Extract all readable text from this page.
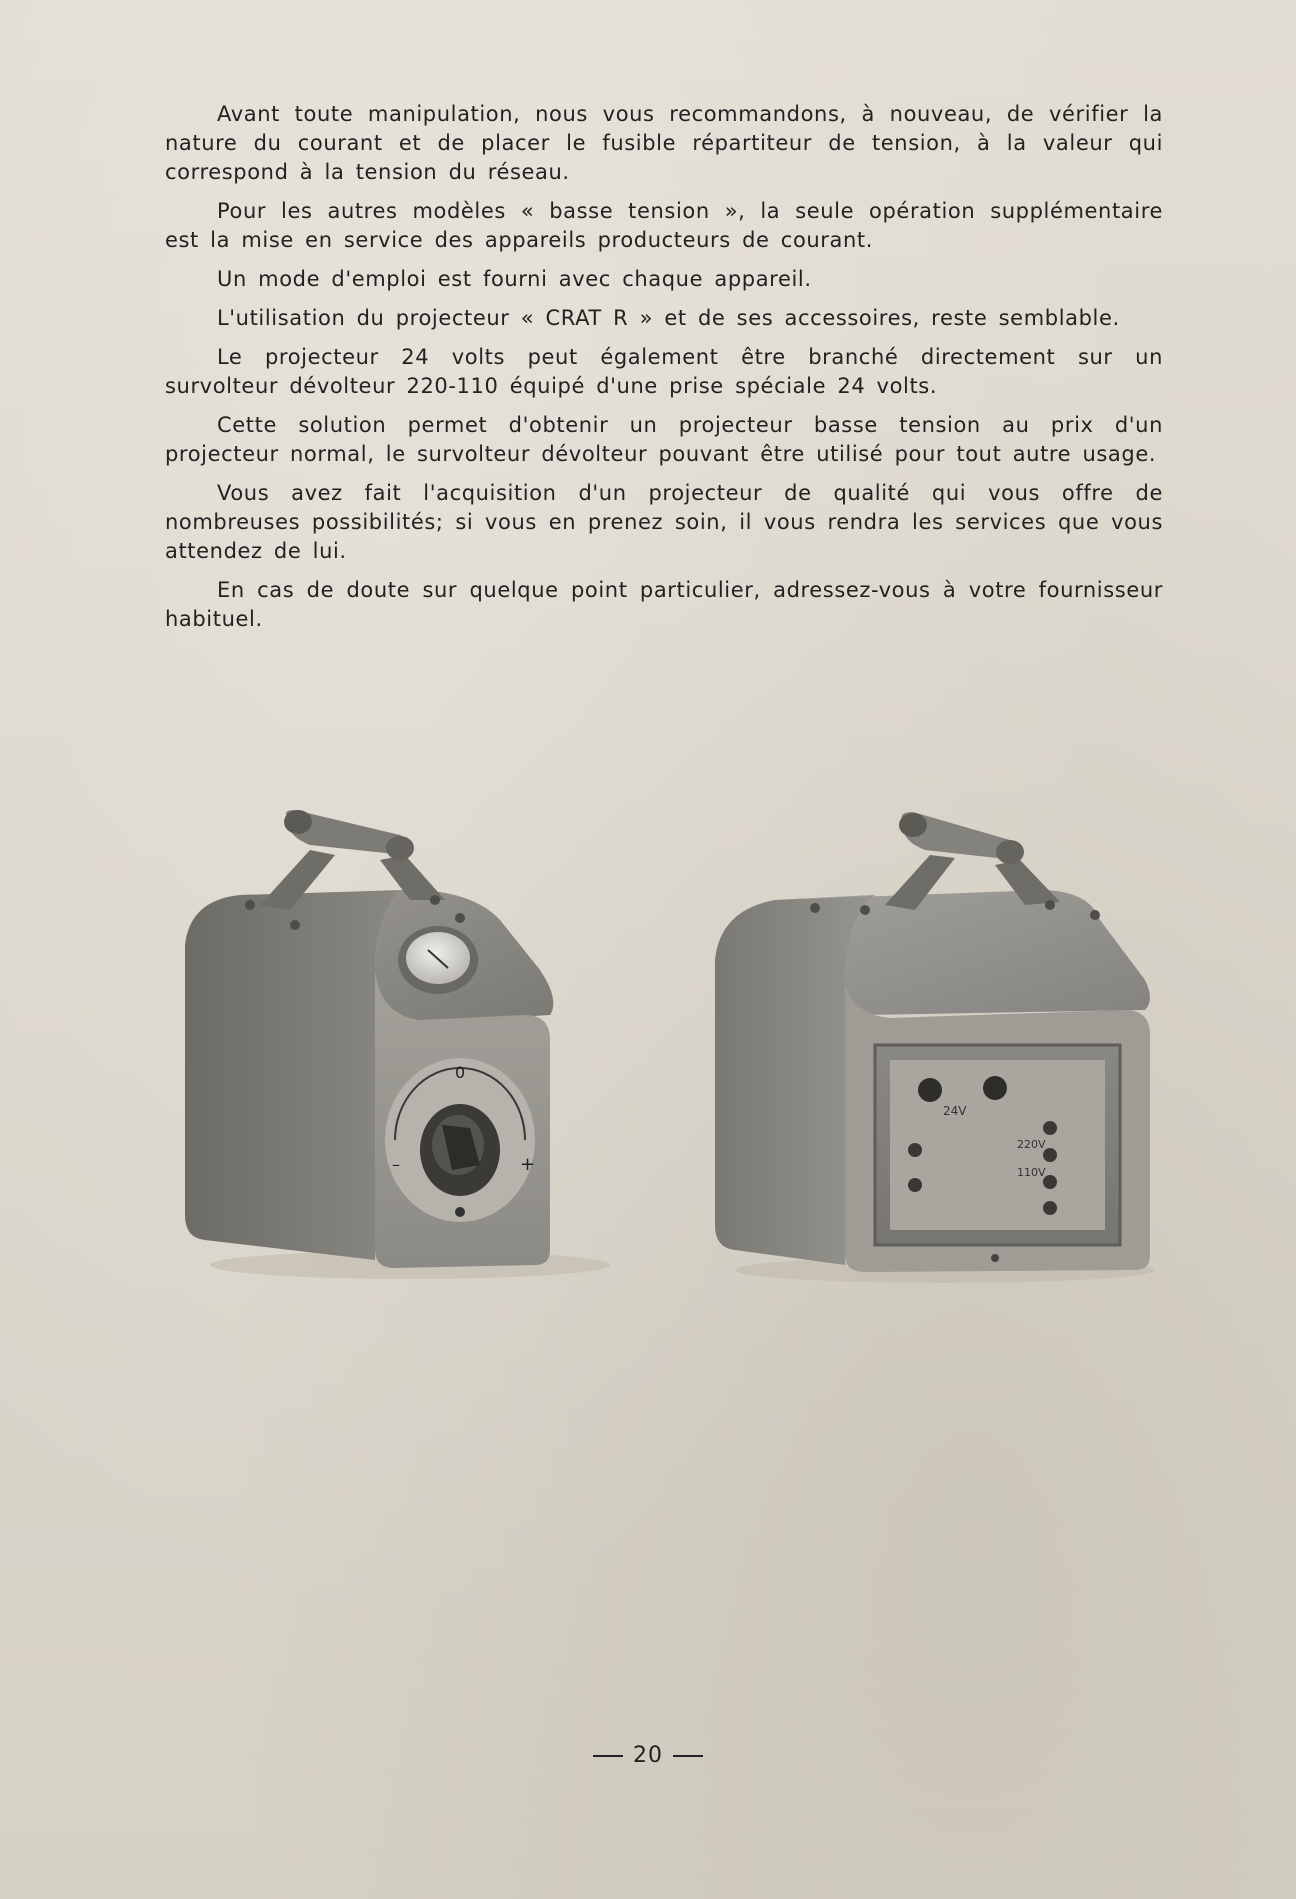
Avant toute manipulation, nous vous recommandons, à nouveau, de vérifier la nature du courant et de placer le fusible répartiteur de tension, à la valeur qui correspond à la tension du réseau.

Pour les autres modèles « basse tension », la seule opération supplémentaire est la mise en service des appareils producteurs de courant.

Un mode d'emploi est fourni avec chaque appareil.

L'utilisation du projecteur « CRAT R » et de ses accessoires, reste semblable.

Le projecteur 24 volts peut également être branché directement sur un survolteur dévolteur 220-110 équipé d'une prise spéciale 24 volts.

Cette solution permet d'obtenir un projecteur basse tension au prix d'un projecteur normal, le survolteur dévolteur pouvant être utilisé pour tout autre usage.

Vous avez fait l'acquisition d'un projecteur de qualité qui vous offre de nombreuses possibilités; si vous en prenez soin, il vous rendra les services que vous attendez de lui.

En cas de doute sur quelque point particulier, adressez-vous à votre fournisseur habituel.

0
–	+
24V
220V
110V
20
